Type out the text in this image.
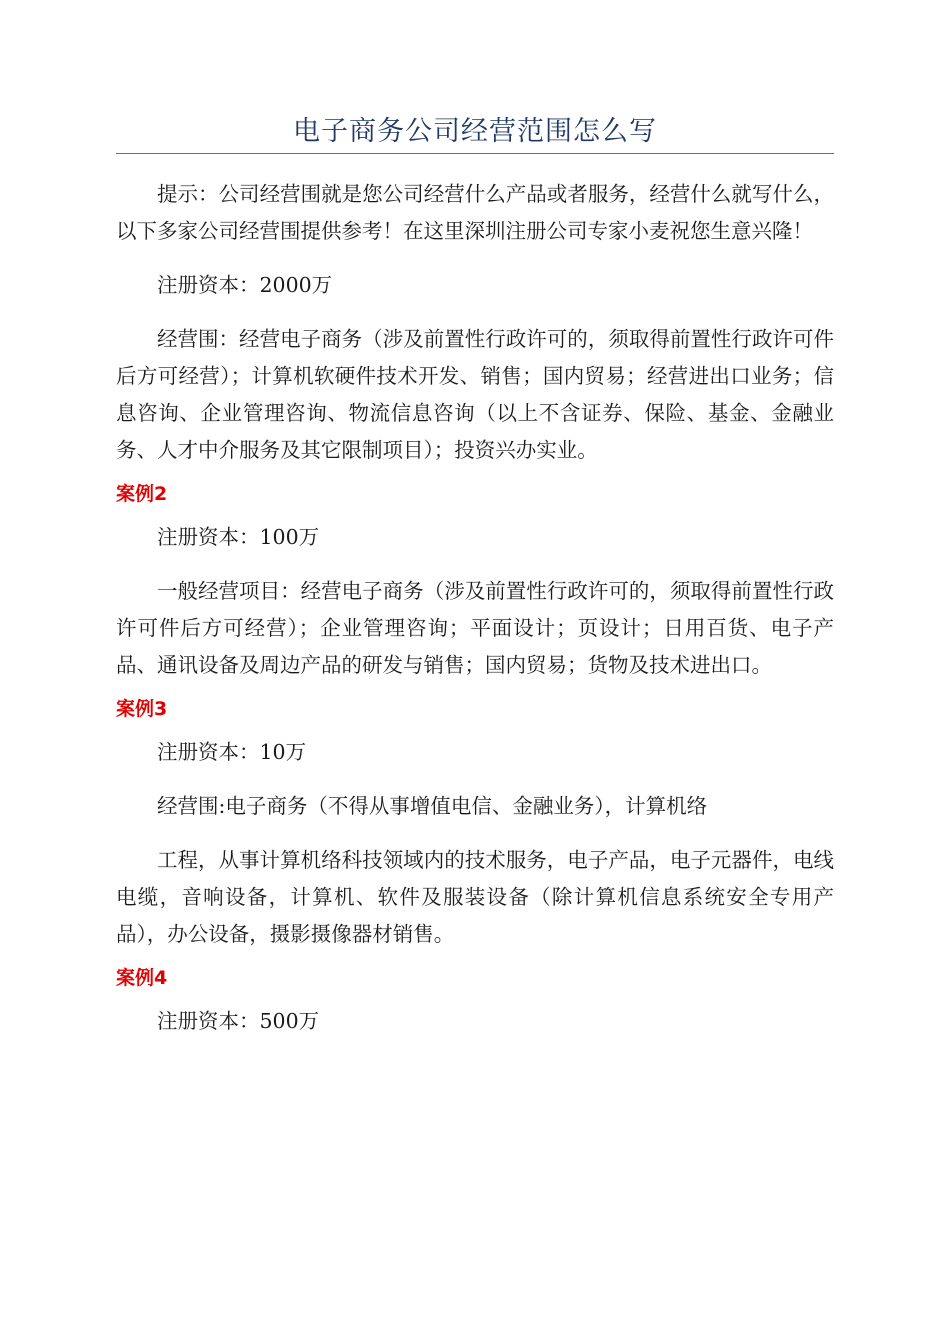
电子商务公司经营范围怎么写

提示：公司经营围就是您公司经营什么产品或者服务，经营什么就写什么，以下多家公司经营围提供参考！在这里深圳注册公司专家小麦祝您生意兴隆！

注册资本：2000万

经营围：经营电子商务（涉及前置性行政许可的，须取得前置性行政许可件后方可经营）；计算机软硬件技术开发、销售；国内贸易；经营进出口业务；信息咨询、企业管理咨询、物流信息咨询（以上不含证券、保险、基金、金融业务、人才中介服务及其它限制项目）；投资兴办实业。

案例2

注册资本：100万

一般经营项目：经营电子商务（涉及前置性行政许可的，须取得前置性行政许可件后方可经营）；企业管理咨询；平面设计；页设计；日用百货、电子产品、通讯设备及周边产品的研发与销售；国内贸易；货物及技术进出口。

案例3

注册资本：10万

经营围:电子商务（不得从事增值电信、金融业务），计算机络

工程，从事计算机络科技领域内的技术服务，电子产品，电子元器件，电线电缆，音响设备，计算机、软件及服装设备（除计算机信息系统安全专用产品），办公设备，摄影摄像器材销售。

案例4

注册资本：500万
